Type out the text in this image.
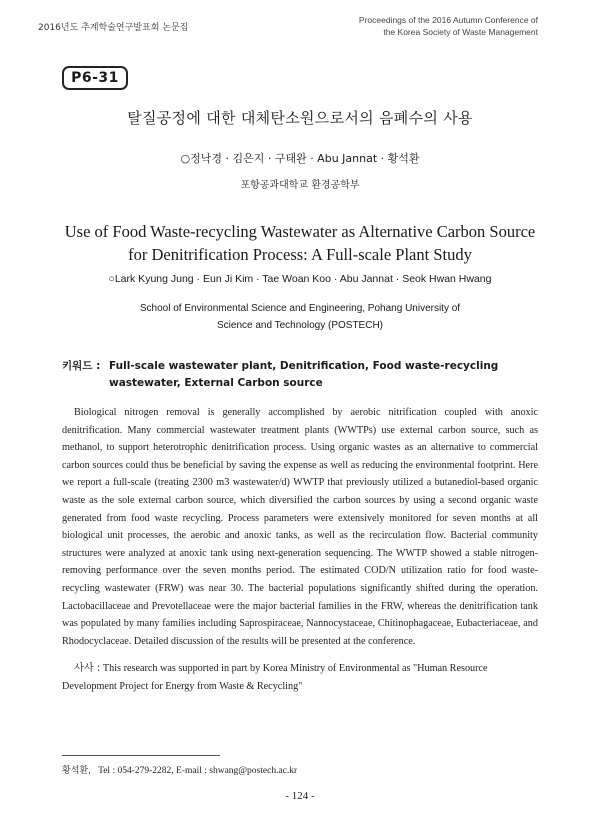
2016년도 추계학술연구발표회 논문집
Proceedings of the 2016 Autumn Conference of
the Korea Society of Waste Management
P6-31
탈질공정에 대한 대체탄소원으로서의 음폐수의 사용
○정낙경 · 김은지 · 구태완 · Abu Jannat · 황석환
포항공과대학교 환경공학부
Use of Food Waste-recycling Wastewater as Alternative Carbon Source
for Denitrification Process: A Full-scale Plant Study
○Lark Kyung Jung · Eun Ji Kim · Tae Woan Koo · Abu Jannat · Seok Hwan Hwang
School of Environmental Science and Engineering, Pohang University of
Science and Technology (POSTECH)
키워드 : Full-scale wastewater plant, Denitrification, Food waste-recycling wastewater, External Carbon source
Biological nitrogen removal is generally accomplished by aerobic nitrification coupled with anoxic denitrification. Many commercial wastewater treatment plants (WWTPs) use external carbon source, such as methanol, to support heterotrophic denitrification process. Using organic wastes as an alternative to commercial carbon sources could thus be beneficial by saving the expense as well as reducing the environmental footprint. Here we report a full-scale (treating 2300 m3 wastewater/d) WWTP that previously utilized a butanediol-based organic waste as the sole external carbon source, which diversified the carbon sources by using a second organic waste generated from food waste recycling. Process parameters were extensively monitored for seven months at all biological unit processes, the aerobic and anoxic tanks, as well as the recirculation flow. Bacterial community structures were analyzed at anoxic tank using next-generation sequencing. The WWTP showed a stable nitrogen-removing performance over the seven months period. The estimated COD/N utilization ratio for food waste-recycling wastewater (FRW) was near 30. The bacterial populations significantly shifted during the operation. Lactobacillaceae and Prevotellaceae were the major bacterial families in the FRW, whereas the denitrification tank was populated by many families including Saprospiraceae, Nannocystaceae, Chitinophagaceae, Eubacteriaceae, and Rhodocyclaceae. Detailed discussion of the results will be presented at the conference.
사사 : This research was supported in part by Korea Ministry of Environmental as "Human Resource Development Project for Energy from Waste & Recycling"
황석환, Tel : 054-279-2282, E-mail : shwang@postech.ac.kr
- 124 -
